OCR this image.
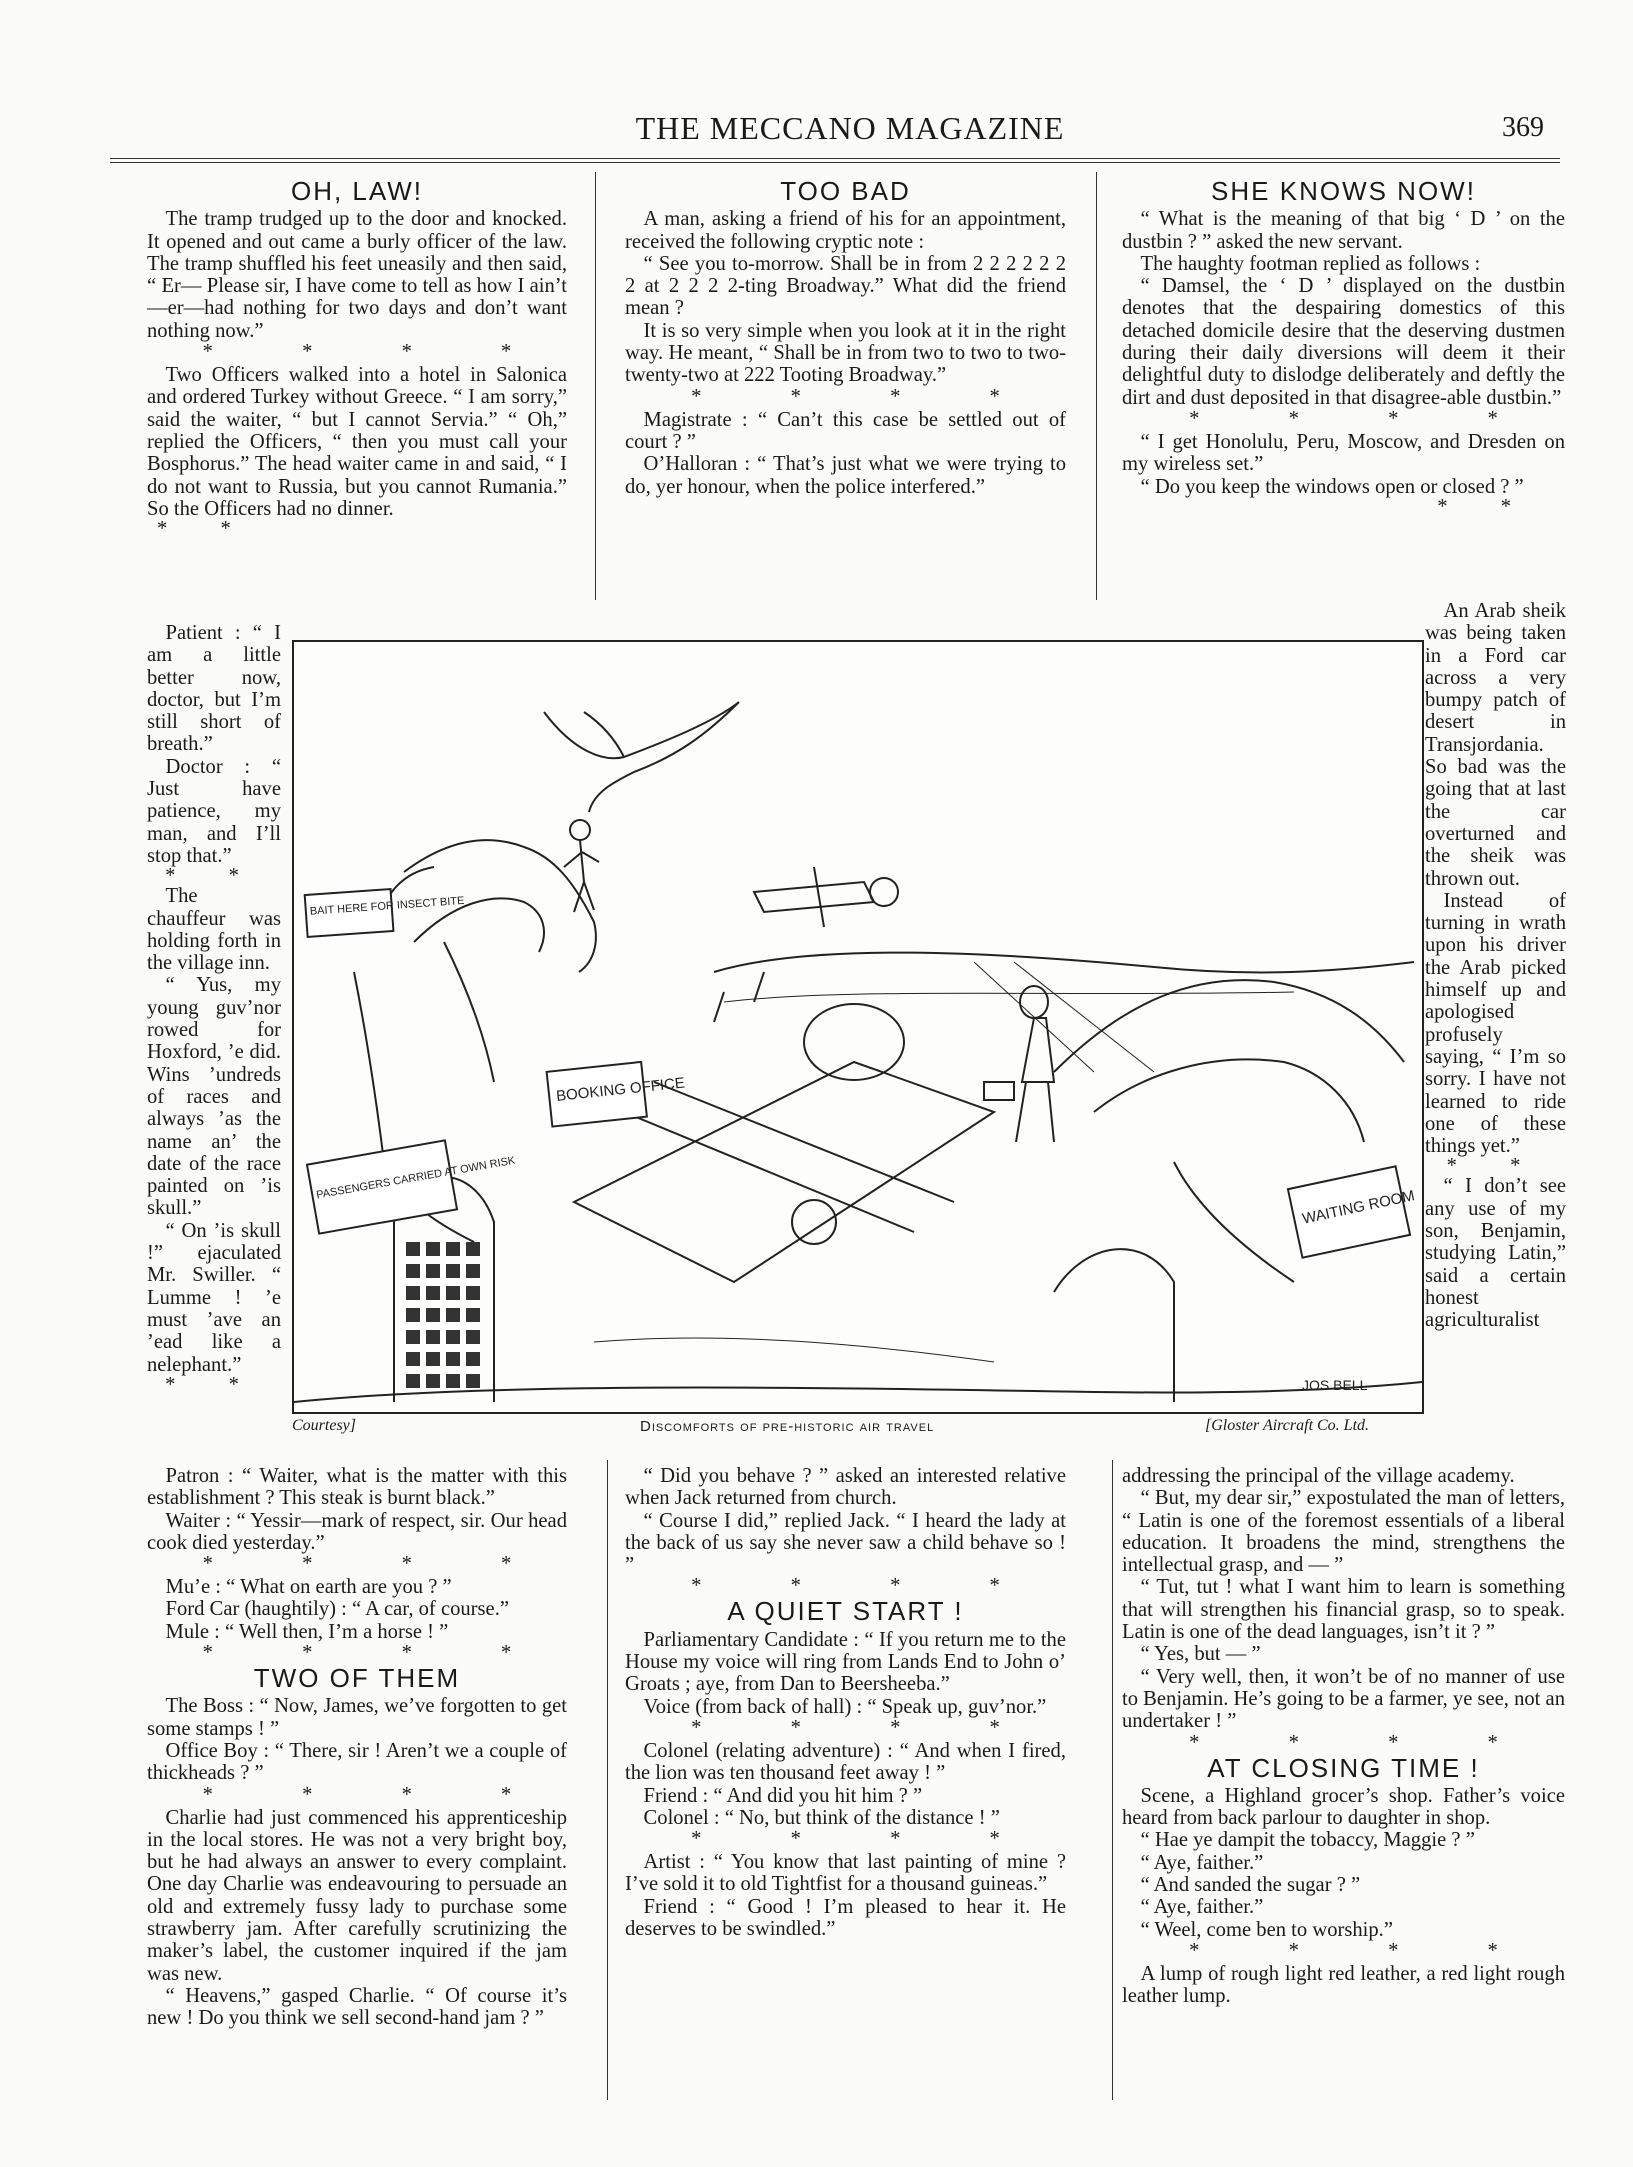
THE MECCANO MAGAZINE	369
OH, LAW!

The tramp trudged up to the door and knocked. It opened and out came a burly officer of the law. The tramp shuffled his feet uneasily and then said, “ Er— Please sir, I have come to tell as how I ain’t—er—had nothing for two days and don’t want nothing now.”

* * * *

Two Officers walked into a hotel in Salonica and ordered Turkey without Greece. “ I am sorry,” said the waiter, “ but I cannot Servia.” “ Oh,” replied the Officers, “ then you must call your Bosphorus.” The head waiter came in and said, “ I do not want to Russia, but you cannot Rumania.” So the Officers had no dinner.

* *
TOO BAD

A man, asking a friend of his for an appointment, received the following cryptic note :

“ See you to-morrow. Shall be in from 2 2 2 2 2 2 2 at 2 2 2 2-ting Broadway.” What did the friend mean ?

It is so very simple when you look at it in the right way. He meant, “ Shall be in from two to two to two-twenty-two at 222 Tooting Broadway.”

* * * *

Magistrate : “ Can’t this case be settled out of court ? ”

O’Halloran : “ That’s just what we were trying to do, yer honour, when the police interfered.”

SHE KNOWS NOW!

“ What is the meaning of that big ‘ D ’ on the dustbin ? ” asked the new servant.

The haughty footman replied as follows :

“ Damsel, the ‘ D ’ displayed on the dustbin denotes that the despairing domestics of this detached domicile desire that the deserving dustmen during their daily diversions will deem it their delightful duty to dislodge deliberately and deftly the dirt and dust deposited in that disagree-able dustbin.”

* * * *

“ I get Honolulu, Peru, Moscow, and Dresden on my wireless set.”

“ Do you keep the windows open or closed ? ”

* *

Patient : “ I am a little better now, doctor, but I’m still short of breath.”

Doctor : “ Just have patience, my man, and I’ll stop that.”

* *

The chauffeur was holding forth in the village inn.

“ Yus, my young guv’nor rowed for Hoxford, ’e did. Wins ’undreds of races and always ’as the name an’ the date of the race painted on ’is skull.”

“ On ’is skull !” ejaculated Mr. Swiller. “ Lumme ! ’e must ’ave an ’ead like a nelephant.”

* *

An Arab sheik was being taken in a Ford car across a very bumpy patch of desert in Transjordania. So bad was the going that at last the car overturned and the sheik was thrown out.

Instead of turning in wrath upon his driver the Arab picked himself up and apologised profusely saying, “ I’m so sorry. I have not learned to ride one of these things yet.”

* *

“ I don’t see any use of my son, Benjamin, studying Latin,” said a certain honest agriculturalist

BAIT HERE FOR INSECT BITE
BOOKING OFFICE
PASSENGERS CARRIED AT OWN RISK
WAITING ROOM
JOS BELL
Courtesy]	Discomforts of pre-historic air travel	[Gloster Aircraft Co. Ltd.

Patron : “ Waiter, what is the matter with this establishment ? This steak is burnt black.”

Waiter : “ Yessir—mark of respect, sir. Our head cook died yesterday.”

* * * *

Mu’e : “ What on earth are you ? ”

Ford Car (haughtily) : “ A car, of course.”

Mule : “ Well then, I’m a horse ! ”

* * * *
TWO OF THEM

The Boss : “ Now, James, we’ve forgotten to get some stamps ! ”

Office Boy : “ There, sir ! Aren’t we a couple of thickheads ? ”

* * * *

Charlie had just commenced his apprenticeship in the local stores. He was not a very bright boy, but he had always an answer to every complaint. One day Charlie was endeavouring to persuade an old and extremely fussy lady to purchase some strawberry jam. After carefully scrutinizing the maker’s label, the customer inquired if the jam was new.

“ Heavens,” gasped Charlie. “ Of course it’s new ! Do you think we sell second-hand jam ? ”

“ Did you behave ? ” asked an interested relative when Jack returned from church.

“ Course I did,” replied Jack. “ I heard the lady at the back of us say she never saw a child behave so ! ”

* * * *
A QUIET START !

Parliamentary Candidate : “ If you return me to the House my voice will ring from Lands End to John o’ Groats ; aye, from Dan to Beersheeba.”

Voice (from back of hall) : “ Speak up, guv’nor.”

* * * *

Colonel (relating adventure) : “ And when I fired, the lion was ten thousand feet away ! ”

Friend : “ And did you hit him ? ”

Colonel : “ No, but think of the distance ! ”

* * * *

Artist : “ You know that last painting of mine ? I’ve sold it to old Tightfist for a thousand guineas.”

Friend : “ Good ! I’m pleased to hear it. He deserves to be swindled.”

addressing the principal of the village academy.

“ But, my dear sir,” expostulated the man of letters, “ Latin is one of the foremost essentials of a liberal education. It broadens the mind, strengthens the intellectual grasp, and — ”

“ Tut, tut ! what I want him to learn is something that will strengthen his financial grasp, so to speak. Latin is one of the dead languages, isn’t it ? ”

“ Yes, but — ”

“ Very well, then, it won’t be of no manner of use to Benjamin. He’s going to be a farmer, ye see, not an undertaker ! ”

* * * *
AT CLOSING TIME !

Scene, a Highland grocer’s shop. Father’s voice heard from back parlour to daughter in shop.

“ Hae ye dampit the tobaccy, Maggie ? ”

“ Aye, faither.”

“ And sanded the sugar ? ”

“ Aye, faither.”

“ Weel, come ben to worship.”

* * * *

A lump of rough light red leather, a red light rough leather lump.
